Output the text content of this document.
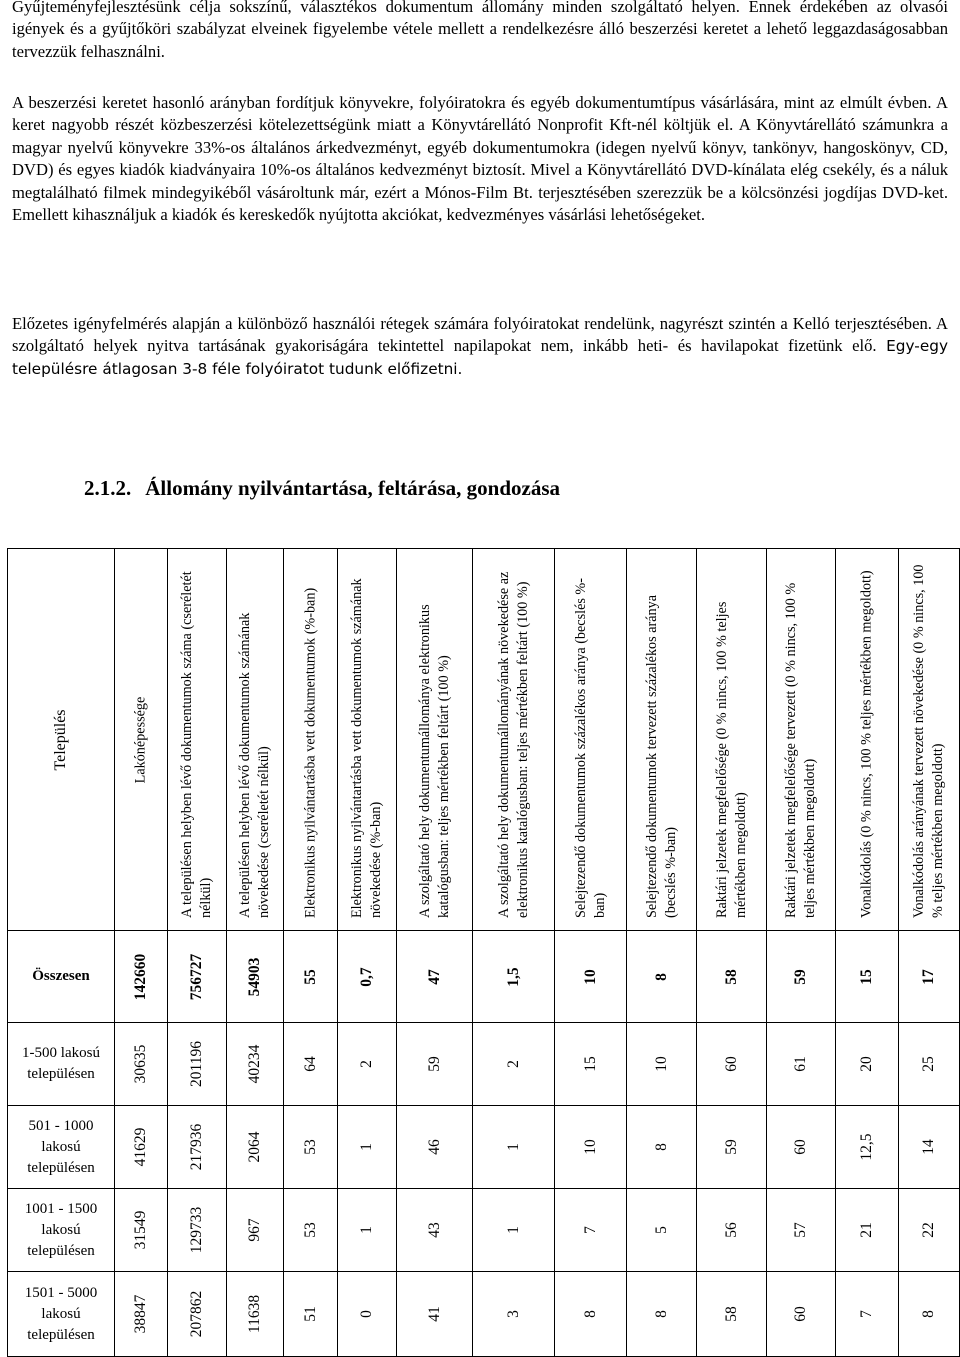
Gyűjteményfejlesztésünk célja sokszínű, választékos dokumentum állomány minden szolgáltató helyen. Ennek érdekében az olvasói igények és a gyűjtőköri szabályzat elveinek figyelembe vétele mellett a rendelkezésre álló beszerzési keretet a lehető leggazdaságosabban tervezzük felhasználni.
A beszerzési keretet hasonló arányban fordítjuk könyvekre, folyóiratokra és egyéb dokumentumtípus vásárlására, mint az elmúlt évben. A keret nagyobb részét közbeszerzési kötelezettségünk miatt a Könyvtárellátó Nonprofit Kft-nél költjük el. A Könyvtárellátó számunkra a magyar nyelvű könyvekre 33%-os általános árkedvezményt, egyéb dokumentumokra (idegen nyelvű könyv, tankönyv, hangoskönyv, CD, DVD) és egyes kiadók kiadványaira 10%-os általános kedvezményt biztosít. Mivel a Könyvtárellátó DVD-kínálata elég csekély, és a náluk megtalálható filmek mindegyikéből vásároltunk már, ezért a Mónos-Film Bt. terjesztésében szerezzük be a kölcsönzési jogdíjas DVD-ket. Emellett kihasználjuk a kiadók és kereskedők nyújtotta akciókat, kedvezményes vásárlási lehetőségeket.
Előzetes igényfelmérés alapján a különböző használói rétegek számára folyóiratokat rendelünk, nagyrészt szintén a Kelló terjesztésében. A szolgáltató helyek nyitva tartásának gyakoriságára tekintettel napilapokat nem, inkább heti- és havilapokat fizetünk elő. Egy-egy településre átlagosan 3-8 féle folyóiratot tudunk előfizetni.
2.1.2. Állomány nyilvántartása, feltárása, gondozása
Település	Lakónépessége	A településen helyben lévő dokumentumok száma (cseréletét nélkül)	A településen helyben lévő dokumentumok számának növekedése (cseréletét nélkül)	Elektronikus nyilvántartásba vett dokumentumok (%-ban)	Elektronikus nyilvántartásba vett dokumentumok számának növekedése (%-ban)	A szolgáltató hely dokumentumállománya elektronikus katalógusban: teljes mértékben feltárt (100 %)	A szolgáltató hely dokumentumállományának növekedése az elektronikus katalógusban: teljes mértékben feltárt (100 %)	Selejtezendő dokumentumok százalékos aránya (becslés %-ban)	Selejtezendő dokumentumok tervezett százalékos aránya (becslés %-ban)	Raktári jelzetek megfelelősége (0 % nincs, 100 % teljes mértékben megoldott)	Raktári jelzetek megfelelősége tervezett (0 % nincs, 100 % teljes mértékben megoldott)	Vonalkódolás (0 % nincs, 100 % teljes mértékben megoldott)	Vonalkódolás arányának tervezett növekedése (0 % nincs, 100 % teljes mértékben megoldott)

Összesen	142660	756727	54903	55	0,7	47	1,5	10	8	58	59	15	17

1-500 lakosú településen	30635	201196	40234	64	2	59	2	15	10	60	61	20	25

501 - 1000 lakosú településen	41629	217936	2064	53	1	46	1	10	8	59	60	12,5	14

1001 - 1500 lakosú településen	31549	129733	967	53	1	43	1	7	5	56	57	21	22

1501 - 5000 lakosú településen	38847	207862	11638	51	0	41	3	8	8	58	60	7	8
